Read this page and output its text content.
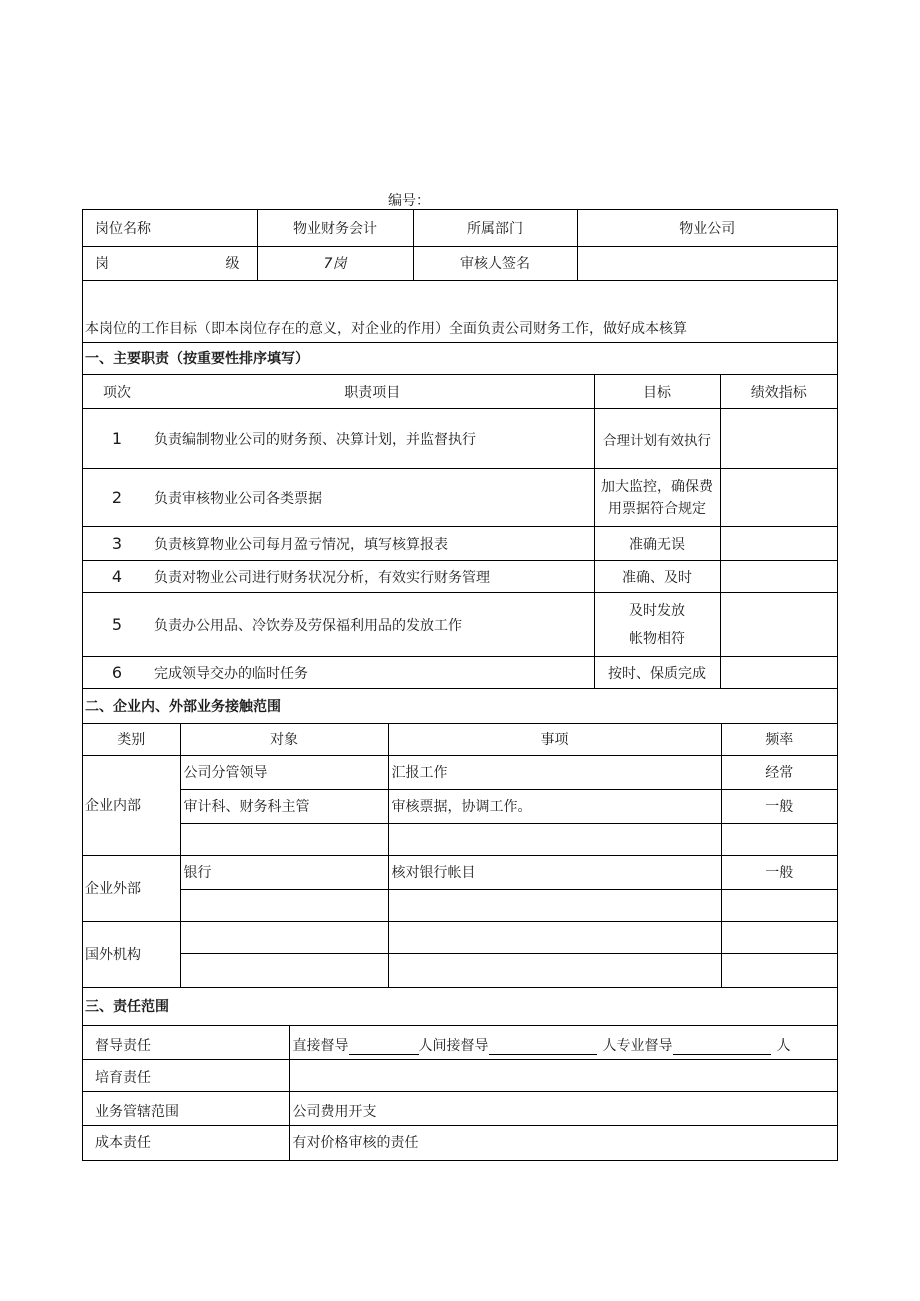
编号：
岗位名称	物业财务会计	所属部门	物业公司
岗 级	7岗	审核人签名	
本岗位的工作目标（即本岗位存在的意义，对企业的作用）全面负责公司财务工作，做好成本核算			
一、主要职责（按重要性排序填写）			
项次	职责项目	目标	绩效指标
1	负责编制物业公司的财务预、决算计划，并监督执行	合理计划有效执行	
2	负责审核物业公司各类票据	加大监控，确保费用票据符合规定	
3	负责核算物业公司每月盈亏情况，填写核算报表	准确无误	
4	负责对物业公司进行财务状况分析，有效实行财务管理	准确、及时	
5	负责办公用品、冷饮券及劳保福利用品的发放工作	及时发放
帐物相符	

6	完成领导交办的临时任务	按时、保质完成	
二、企业内、外部业务接触范围			
类别	对象	事项	频率
企业内部	公司分管领导	汇报工作	经常
	审计科、财务科主管	审核票据，协调工作。	一般

企业外部	银行	核对银行帐目	一般

国外机构			

三、责任范围	
督导责任	直接督导 人间接督导 人专业督导 人
培育责任	
业务管辖范围	公司费用开支
成本责任	有对价格审核的责任
